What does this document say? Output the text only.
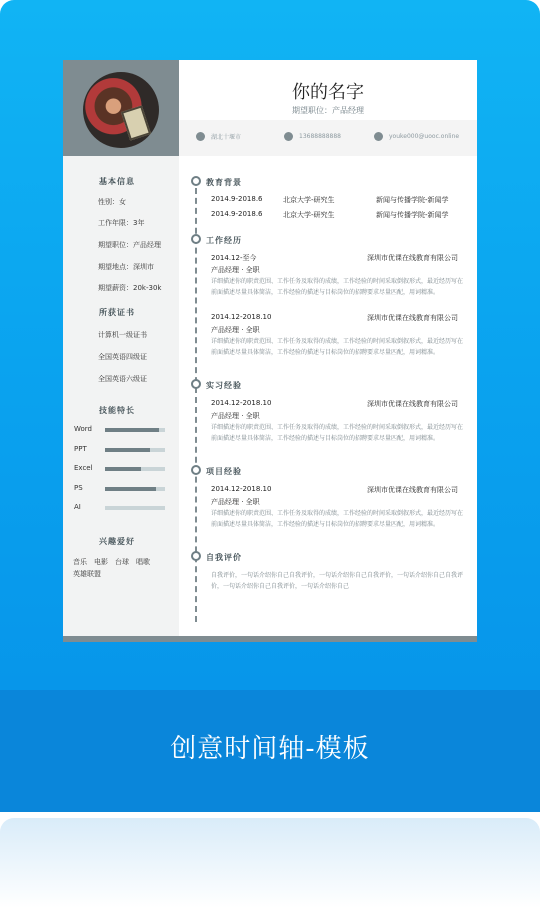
你的名字
期望职位：产品经理
湖北十堰市	13688888888	youke000@uooc.online
基本信息
性别：女
工作年限：3年
期望职位：产品经理
期望地点：深圳市
期望薪资：20k-30k
所获证书
计算机一级证书
全国英语四级证
全国英语六级证
技能特长
Word
PPT
Excel
PS
AI
兴趣爱好
音乐　电影　台球　唱歌
英雄联盟
教育背景
2014.9-2018.6	北京大学-研究生	新闻与传播学院-新闻学
2014.9-2018.6	北京大学-研究生	新闻与传播学院-新闻学
工作经历
2014.12-至今	深圳市优课在线教育有限公司
产品经理 · 全职
详细描述你的职责范围、工作任务及取得的成绩，工作经验的时间采取倒叙形式，最近经历写在前面描述尽量具体简洁，工作经验的描述与目标岗位的招聘要求尽量匹配，用词精准。
2014.12-2018.10	深圳市优课在线教育有限公司
产品经理 · 全职
详细描述你的职责范围、工作任务及取得的成绩，工作经验的时间采取倒叙形式，最近经历写在前面描述尽量具体简洁，工作经验的描述与目标岗位的招聘要求尽量匹配，用词精准。
实习经验
2014.12-2018.10	深圳市优课在线教育有限公司
产品经理 · 全职
详细描述你的职责范围、工作任务及取得的成绩，工作经验的时间采取倒叙形式，最近经历写在前面描述尽量具体简洁，工作经验的描述与目标岗位的招聘要求尽量匹配，用词精准。
项目经验
2014.12-2018.10	深圳市优课在线教育有限公司
产品经理 · 全职
详细描述你的职责范围、工作任务及取得的成绩，工作经验的时间采取倒叙形式，最近经历写在前面描述尽量具体简洁，工作经验的描述与目标岗位的招聘要求尽量匹配，用词精准。
自我评价
自我评价，一句话介绍你自己自我评价，一句话介绍你自己自我评价，一句话介绍你自己自我评价，一句话介绍你自己自我评价，一句话介绍你自己
创意时间轴-模板
